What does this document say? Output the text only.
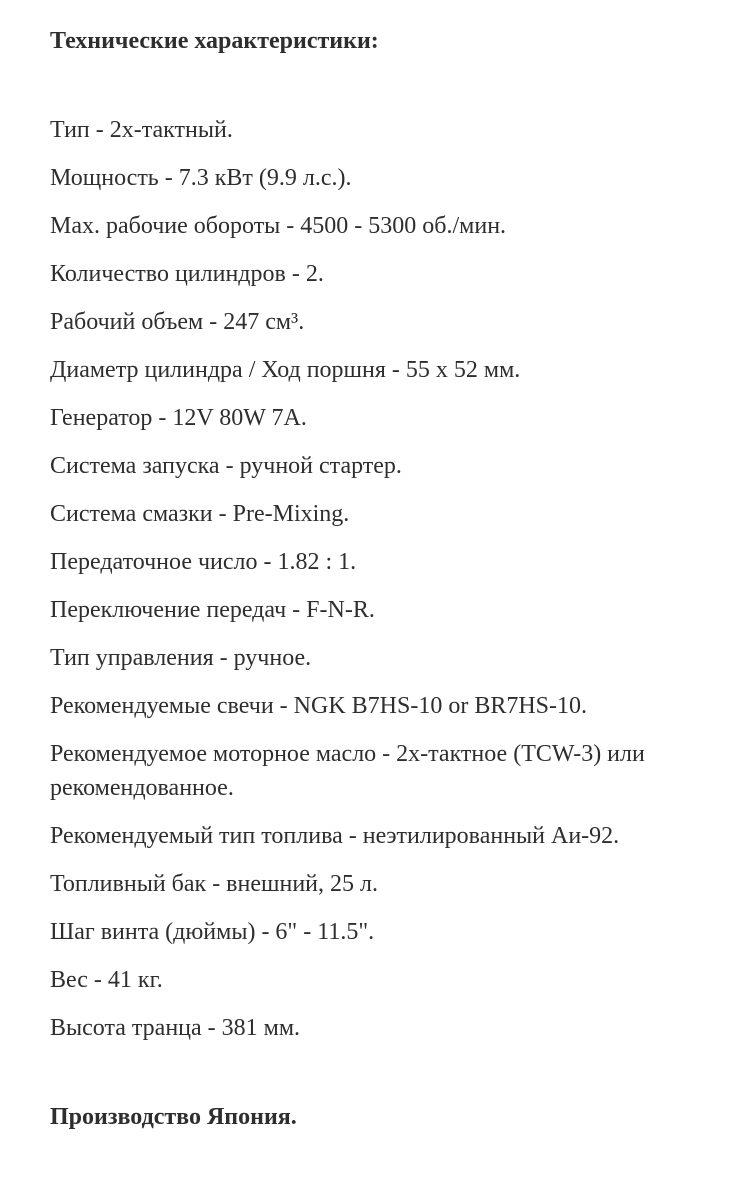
Технические характеристики:
Тип - 2х-тактный.
Мощность - 7.3 кВт (9.9 л.с.).
Max. рабочие обороты - 4500 - 5300 об./мин.
Количество цилиндров - 2.
Рабочий объем - 247 см³.
Диаметр цилиндра / Ход поршня - 55 x 52 мм.
Генератор - 12V 80W 7A.
Система запуска - ручной стартер.
Система смазки - Pre-Mixing.
Передаточное число - 1.82 : 1.
Переключение передач - F-N-R.
Тип управления - ручное.
Рекомендуемые свечи - NGK B7HS-10 or BR7HS-10.
Рекомендуемое моторное масло - 2х-тактное (TCW-3) или рекомендованное.
Рекомендуемый тип топлива - неэтилированный Аи-92.
Топливный бак - внешний, 25 л.
Шаг винта (дюймы) - 6" - 11.5".
Вес - 41 кг.
Высота транца - 381 мм.

Производство Япония.
